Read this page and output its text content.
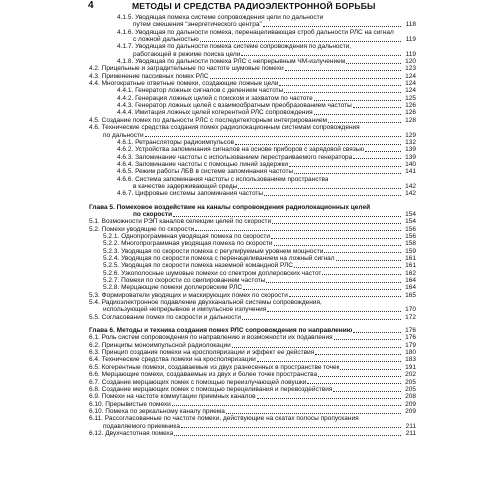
4	МЕТОДЫ И СРЕДСТВА РАДИОЭЛЕКТРОННОЙ БОРЬБЫ
4.1.5. Уводящая помеха системе сопровождения цели по дальности
путем смешения "энергетического центра"	118
4.1.6. Уводящая по дальности помеха, перенацеливающая строб дальности РЛС на сигнал
с ложной дальностью	119
4.1.7. Уводящая по дальности помеха системе сопровождения по дальности,
работающей в режиме поиска цели	119
4.1.8. Уводящая по дальности помеха РЛС с непрерывным ЧМ-излучением	120
4.2. Прицельные и заградительные по частоте шумовые помехи	123
4.3. Применение пассивных помех РЛС	124
4.4. Многократные ответные помехи, создающие ложные цели	124
4.4.1. Генератор ложных сигналов с делением частоты	124
4.4.2. Генерация ложных целей с поиском и захватом по частоте	125
4.4.3. Генератор ложных целей с взаимообратным преобразованием частоты	126
4.4.4. Имитация ложных целей когерентной РЛС сопровождения	126
4.5. Создание помех по дальности РЛС с последетекторным интегрированием	128
4.6. Технические средства создания помех радиолокационным системам сопровождения
по дальности	129
4.6.1. Ретрансляторы радиоимпульсов	132
4.6.2. Устройства запоминания сигналов на основе приборов с зарядовой связью	139
4.6.3. Запоминание частоты с использованием перестраиваемого генератора	139
4.6.4. Запоминание частоты с помощью линий задержки	140
4.6.5. Режим работы ЛБВ в системе запоминания частоты	141
4.6.6. Система запоминания частоты с использованием пространства
в качестве задерживающей среды	142
4.6.7. Цифровые системы запоминания частоты	142
Глава 5. Помеховое воздействие на каналы сопровождения радиолокационных целей
по скорости	154
5.1. Возможности РЭП каналов селекции целей по скорости	154
5.2. Помехи уводящие по скорости	156
5.2.1. Однопрограммная уводящая помеха по скорости	156
5.2.2. Многопрограммная уводящая помеха по скорости	158
5.2.3. Уводящая по скорости помеха с регулируемым уровнем мощности	159
5.2.4. Уводящая по скорости помеха с перенацеливанием на ложный сигнал	161
5.2.5. Уводящая по скорости помеха наземной командной РЛС	161
5.2.6. Узкополосные шумовые помехи со спектром доплеровских частот	162
5.2.7. Помехи по скорости со свипированием частоты	164
5.2.8. Мерцающие помехи доплеровским РЛС	164
5.3. Формирователи уводящих и маскирующих помех по скорости	165
5.4. Радиоэлектронное подавление двухканальной системы сопровождения,
использующей непрерывное и импульсное излучения	170
5.5. Согласование помех по скорости и дальности	172
Глава 6. Методы и техника создания помех РЛС сопровождения по направлению	176
6.1. Роль систем сопровождения по направлению и возможности их подавления	176
6.2. Принципы моноимпульсной радиолокации	179
6.3. Принцип создания помехи на кросполяризации и эффект ее действия	180
6.4. Технические средства помехи на кросполяризации	183
6.5. Когерентные помехи, создаваемые из двух разнесенных в пространстве точек	191
6.6. Мерцающие помехи, создаваемые из двух и более точек пространства	202
6.7. Создание мерцающих помех с помощью переизлучающей ловушки	205
6.8. Создание мерцающих помех с помощью перецеливания и перевоздействия	205
6.9. Помехи на частоте коммутации приемных каналов	208
6.10. Прерывистые помехи	209
6.10. Помеха по зеркальному каналу приема	209
6.11. Рассогласованные по частоте помехи, действующие на скатах полосы пропускания
подавляемого приемника	211
6.12. Двухчастотная помеха	211
